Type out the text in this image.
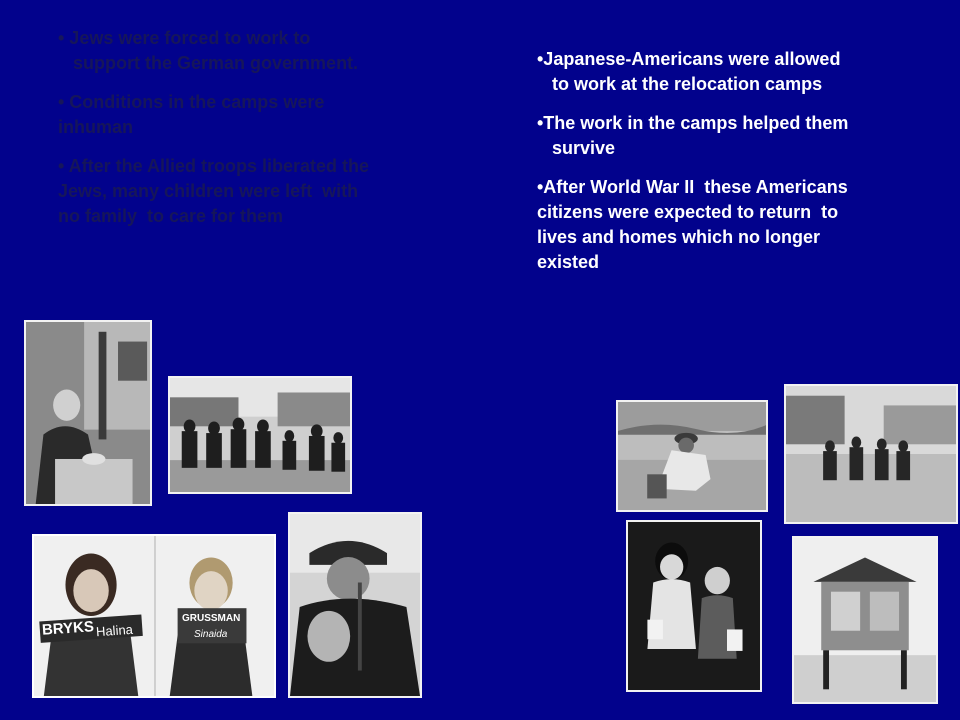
• Jews were forced to work to
support the German government.
• Conditions in the camps were
inhuman
• After the Allied troops liberated the
Jews, many children were left  with
no family  to care for them
•Japanese-Americans were allowed
to work at the relocation camps
•The work in the camps helped them
survive
•After World War II  these Americans
citizens were expected to return  to
lives and homes which no longer
existed
BRYKS Halina
GRUSSMAN
Sinaida
